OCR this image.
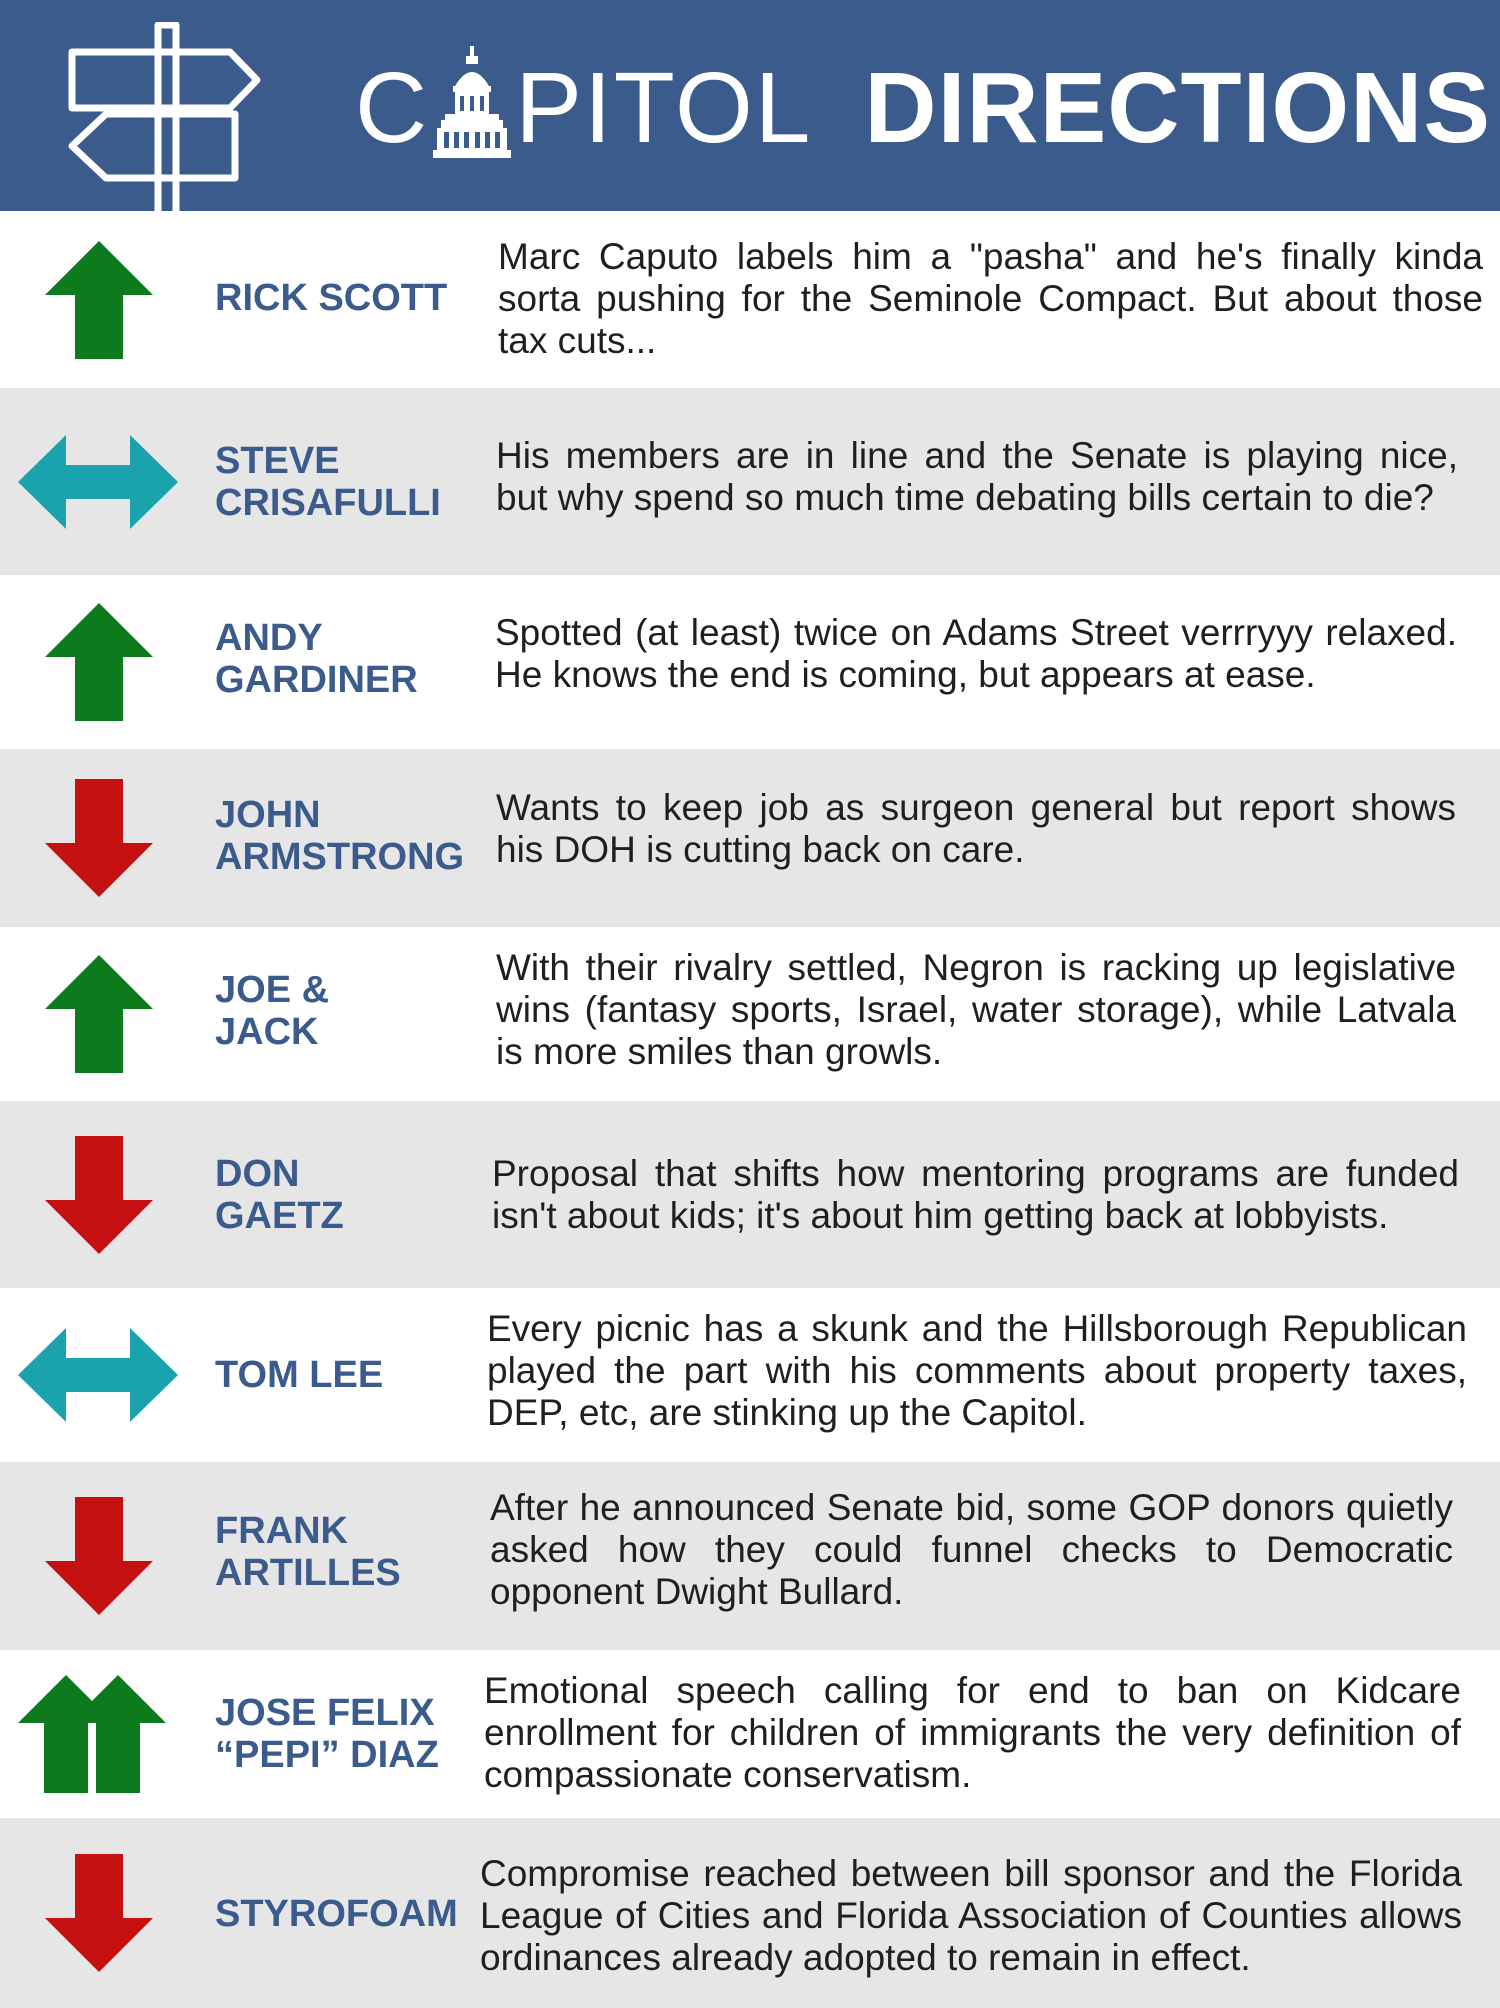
C PITOL DIRECTIONS
RICK SCOTT
Marc Caputo labels him a "pasha" and he's finally kinda sorta pushing for the Seminole Compact. But about those tax cuts...
STEVE
CRISAFULLI
His members are in line and the Senate is playing nice, but why spend so much time debating bills certain to die?
ANDY
GARDINER
Spotted (at least) twice on Adams Street verrryyy relaxed. He knows the end is coming, but appears at ease.
JOHN
ARMSTRONG
Wants to keep job as surgeon general but report shows his DOH is cutting back on care.
JOE &
JACK
With their rivalry settled, Negron is racking up legislative wins (fantasy sports, Israel, water storage), while Latvala is more smiles than growls.
DON
GAETZ
Proposal that shifts how mentoring programs are funded isn't about kids; it's about him getting back at lobbyists.
TOM LEE
Every picnic has a skunk and the Hillsborough Republican played the part with his comments about property taxes, DEP, etc, are stinking up the Capitol.
FRANK
ARTILLES
After he announced Senate bid, some GOP donors quietly asked how they could funnel checks to Democratic opponent Dwight Bullard.
JOSE FELIX
“PEPI” DIAZ
Emotional speech calling for end to ban on Kidcare enrollment for children of immigrants the very definition of compassionate conservatism.
STYROFOAM
Compromise reached between bill sponsor and the Florida League of Cities and Florida Association of Counties allows ordinances already adopted to remain in effect.
